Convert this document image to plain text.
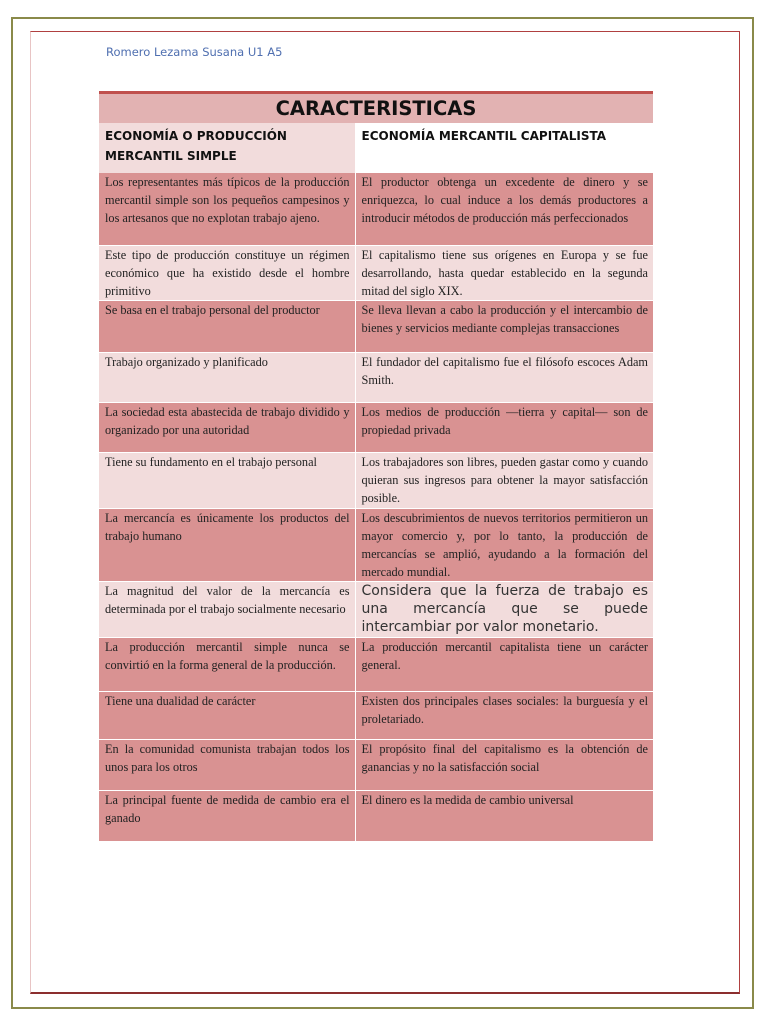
Romero Lezama Susana U1 A5
CARACTERISTICAS	
ECONOMÍA O PRODUCCIÓN MERCANTIL SIMPLE	ECONOMÍA MERCANTIL CAPITALISTA
Los representantes más típicos de la producción mercantil simple son los pequeños campesinos y los artesanos que no explotan trabajo ajeno.	El productor obtenga un excedente de dinero y se enriquezca, lo cual induce a los demás productores a introducir métodos de producción más perfeccionados
Este tipo de producción constituye un régimen económico que ha existido desde el hombre primitivo	El capitalismo tiene sus orígenes en Europa y se fue desarrollando, hasta quedar establecido en la segunda mitad del siglo XIX.
Se basa en el trabajo personal del productor	Se lleva llevan a cabo la producción y el intercambio de bienes y servicios mediante complejas transacciones
Trabajo organizado y planificado	El fundador del capitalismo fue el filósofo escoces Adam Smith.
La sociedad esta abastecida de trabajo dividido y organizado por una autoridad	Los medios de producción —tierra y capital— son de propiedad privada
Tiene su fundamento en el trabajo personal	Los trabajadores son libres, pueden gastar como y cuando quieran sus ingresos para obtener la mayor satisfacción posible.
La mercancía es únicamente los productos del trabajo humano	Los descubrimientos de nuevos territorios permitieron un mayor comercio y, por lo tanto, la producción de mercancías se amplió, ayudando a la formación del mercado mundial.
La magnitud del valor de la mercancía es determinada por el trabajo socialmente necesario	Considera que la fuerza de trabajo es una mercancía que se puede intercambiar por valor monetario.
La producción mercantil simple nunca se convirtió en la forma general de la producción.	La producción mercantil capitalista tiene un carácter general.
Tiene una dualidad de carácter	Existen dos principales clases sociales: la burguesía y el proletariado.
En la comunidad comunista trabajan todos los unos para los otros	El propósito final del capitalismo es la obtención de ganancias y no la satisfacción social
La principal fuente de medida de cambio era el ganado	El dinero es la medida de cambio universal
